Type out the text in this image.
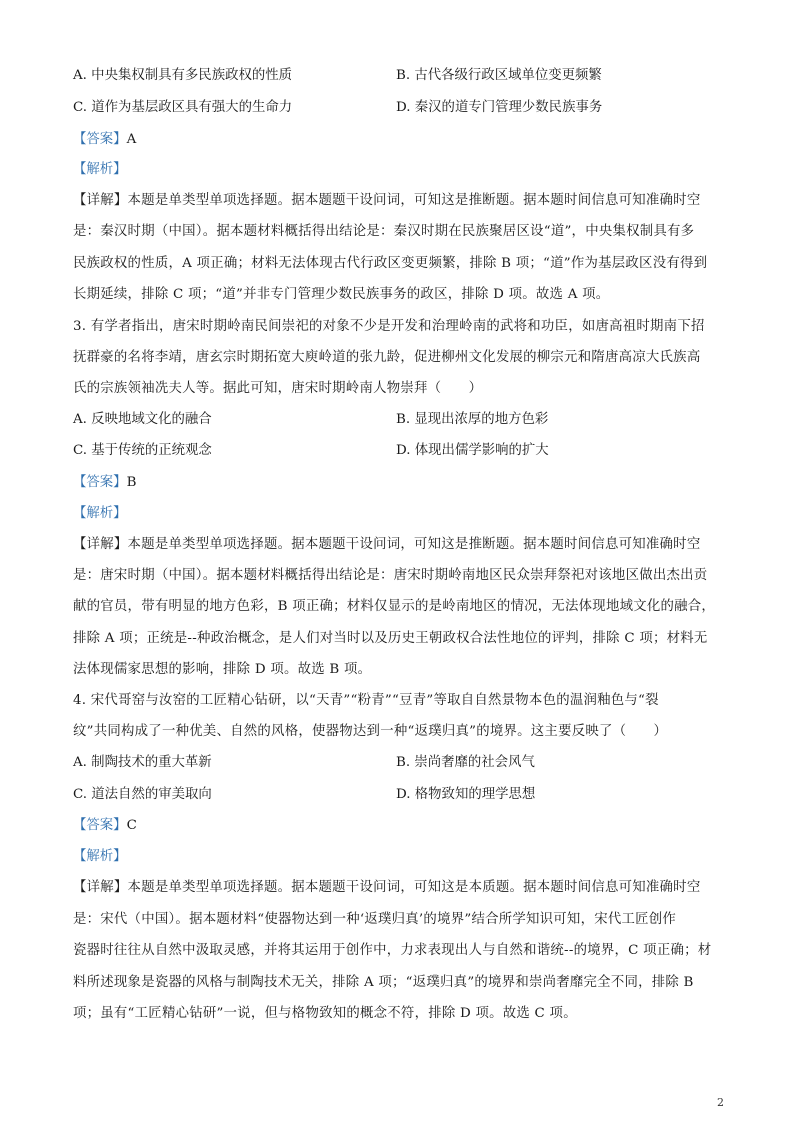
A. 中央集权制具有多民族政权的性质	B. 古代各级行政区域单位变更频繁
C. 道作为基层政区具有强大的生命力	D. 秦汉的道专门管理少数民族事务
【答案】A
【解析】
【详解】本题是单类型单项选择题。据本题题干设问词，可知这是推断题。据本题时间信息可知准确时空
是：秦汉时期（中国）。据本题材料概括得出结论是：秦汉时期在民族聚居区设“道”，中央集权制具有多
民族政权的性质，A 项正确；材料无法体现古代行政区变更频繁，排除 B 项；“道”作为基层政区没有得到
长期延续，排除 C 项；“道”并非专门管理少数民族事务的政区，排除 D 项。故选 A 项。
3. 有学者指出，唐宋时期岭南民间崇祀的对象不少是开发和治理岭南的武将和功臣，如唐高祖时期南下招
抚群豪的名将李靖，唐玄宗时期拓宽大庾岭道的张九龄，促进柳州文化发展的柳宗元和隋唐高凉大氏族高
氏的宗族领袖冼夫人等。据此可知，唐宋时期岭南人物崇拜（　　）
A. 反映地域文化的融合	B. 显现出浓厚的地方色彩
C. 基于传统的正统观念	D. 体现出儒学影响的扩大
【答案】B
【解析】
【详解】本题是单类型单项选择题。据本题题干设问词，可知这是推断题。据本题时间信息可知准确时空
是：唐宋时期（中国）。据本题材料概括得出结论是：唐宋时期岭南地区民众崇拜祭祀对该地区做出杰出贡
献的官员，带有明显的地方色彩，B 项正确；材料仅显示的是岭南地区的情况，无法体现地域文化的融合，
排除 A 项；正统是--种政治概念，是人们对当时以及历史王朝政权合法性地位的评判，排除 C 项；材料无
法体现儒家思想的影响，排除 D 项。故选 B 项。
4. 宋代哥窑与汝窑的工匠精心钻研，以“天青”“粉青”“豆青”等取自自然景物本色的温润釉色与“裂
纹”共同构成了一种优美、自然的风格，使器物达到一种“返璞归真”的境界。这主要反映了（　　）
A. 制陶技术的重大革新	B. 崇尚奢靡的社会风气
C. 道法自然的审美取向	D. 格物致知的理学思想
【答案】C
【解析】
【详解】本题是单类型单项选择题。据本题题干设问词，可知这是本质题。据本题时间信息可知准确时空
是：宋代（中国）。据本题材料“使器物达到一种‘返璞归真’的境界”结合所学知识可知，宋代工匠创作
瓷器时往往从自然中汲取灵感，并将其运用于创作中，力求表现出人与自然和谐统--的境界，C 项正确；材
料所述现象是瓷器的风格与制陶技术无关，排除 A 项；“返璞归真”的境界和崇尚奢靡完全不同，排除 B
项；虽有“工匠精心钻研”一说，但与格物致知的概念不符，排除 D 项。故选 C 项。
2
